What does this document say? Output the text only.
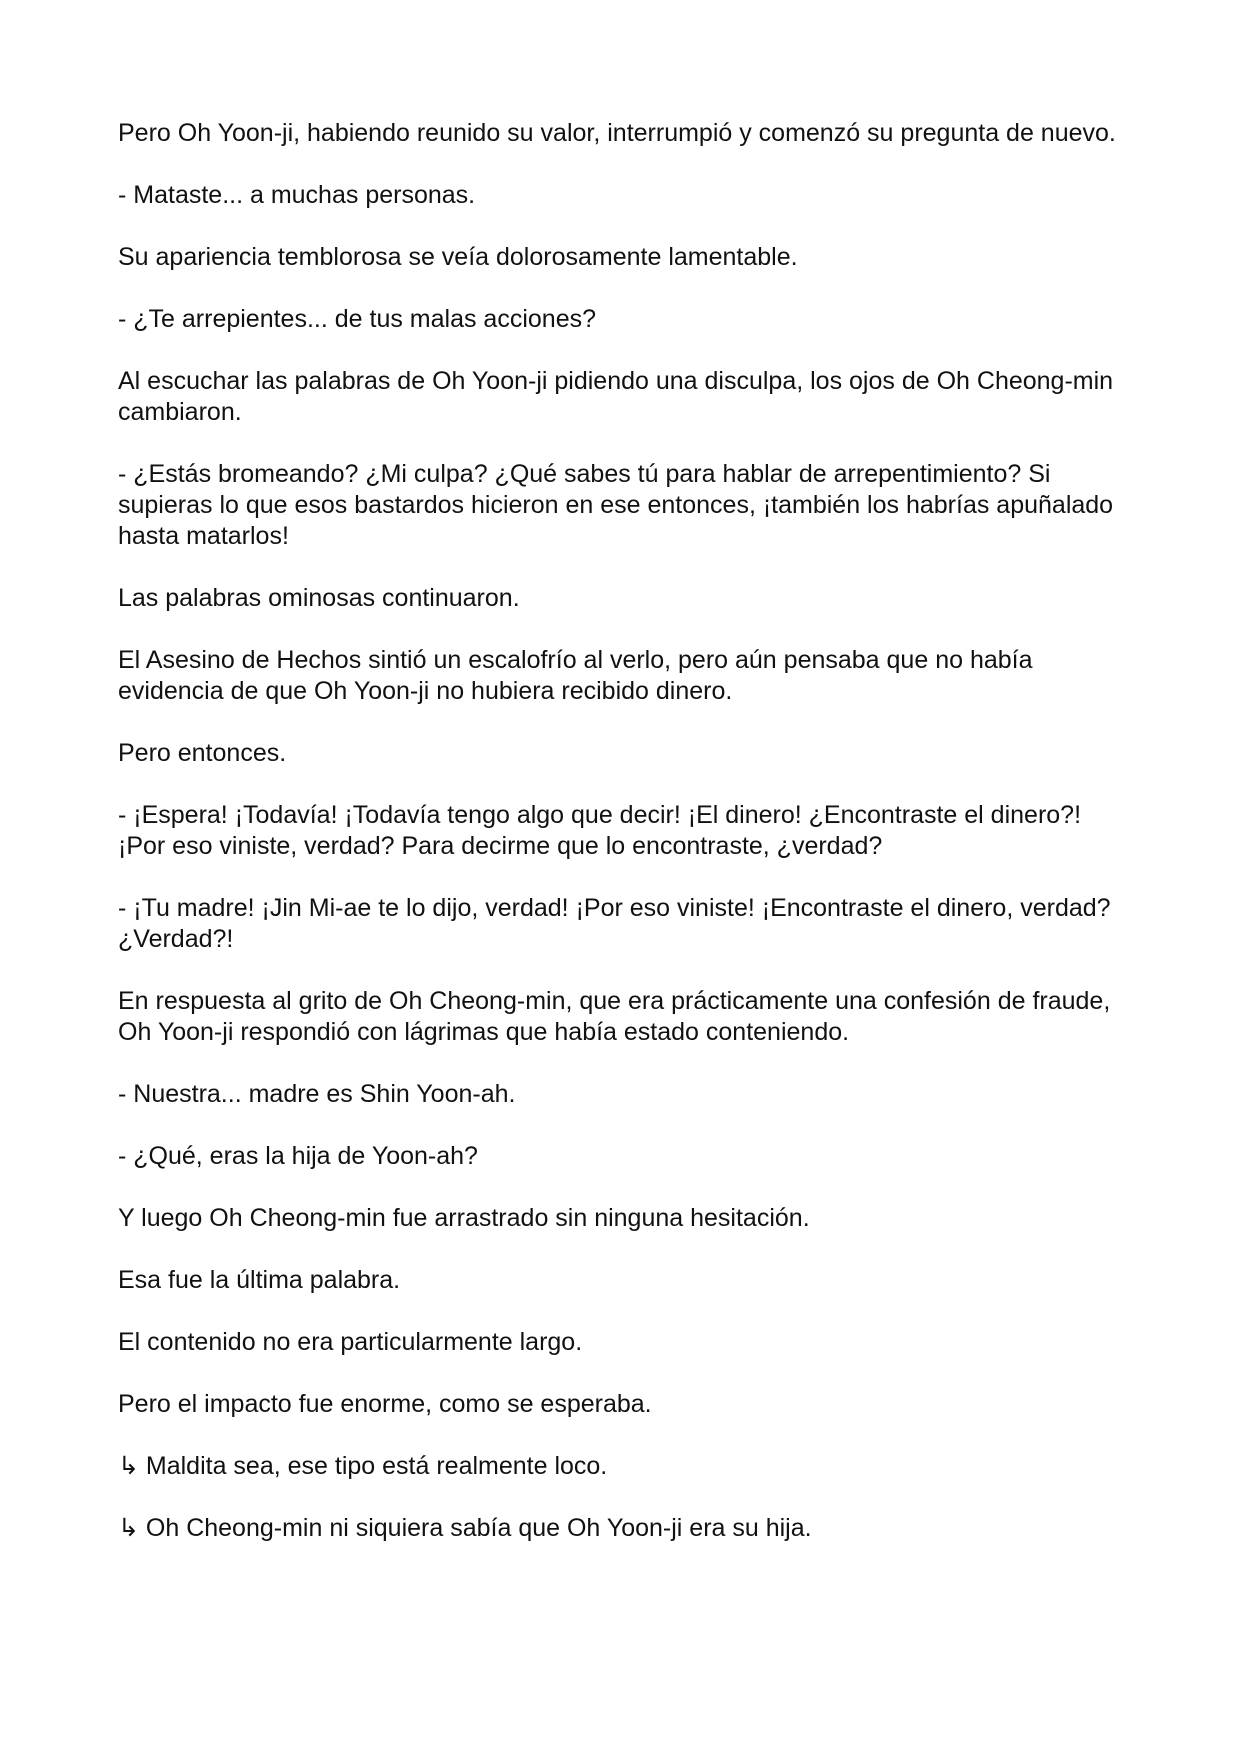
Pero Oh Yoon-ji, habiendo reunido su valor, interrumpió y comenzó su pregunta de nuevo.

- Mataste... a muchas personas.

Su apariencia temblorosa se veía dolorosamente lamentable.

- ¿Te arrepientes... de tus malas acciones?

Al escuchar las palabras de Oh Yoon-ji pidiendo una disculpa, los ojos de Oh Cheong-min cambiaron.

- ¿Estás bromeando? ¿Mi culpa? ¿Qué sabes tú para hablar de arrepentimiento? Si supieras lo que esos bastardos hicieron en ese entonces, ¡también los habrías apuñalado hasta matarlos!

Las palabras ominosas continuaron.

El Asesino de Hechos sintió un escalofrío al verlo, pero aún pensaba que no había evidencia de que Oh Yoon-ji no hubiera recibido dinero.

Pero entonces.

- ¡Espera! ¡Todavía! ¡Todavía tengo algo que decir! ¡El dinero! ¿Encontraste el dinero?! ¡Por eso viniste, verdad? Para decirme que lo encontraste, ¿verdad?

- ¡Tu madre! ¡Jin Mi-ae te lo dijo, verdad! ¡Por eso viniste! ¡Encontraste el dinero, verdad? ¿Verdad?!

En respuesta al grito de Oh Cheong-min, que era prácticamente una confesión de fraude, Oh Yoon-ji respondió con lágrimas que había estado conteniendo.

- Nuestra... madre es Shin Yoon-ah.

- ¿Qué, eras la hija de Yoon-ah?

Y luego Oh Cheong-min fue arrastrado sin ninguna hesitación.

Esa fue la última palabra.

El contenido no era particularmente largo.

Pero el impacto fue enorme, como se esperaba.

↳ Maldita sea, ese tipo está realmente loco.

↳ Oh Cheong-min ni siquiera sabía que Oh Yoon-ji era su hija.
